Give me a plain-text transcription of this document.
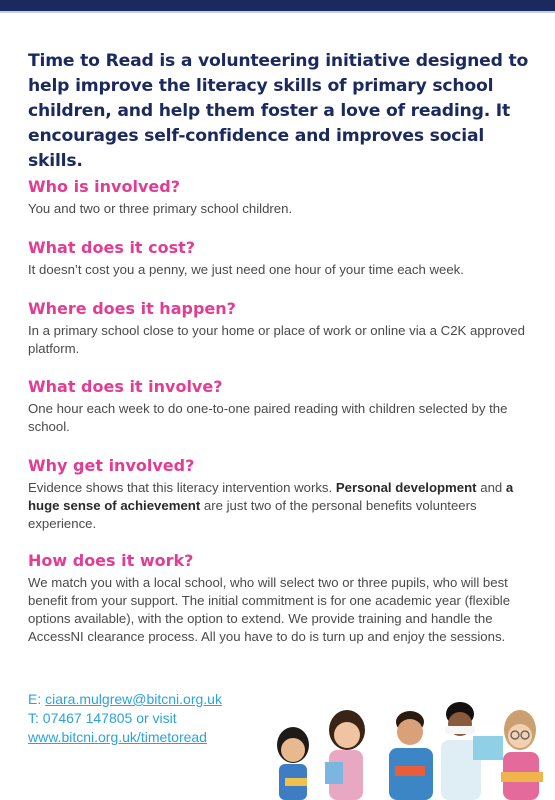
Time to Read is a volunteering initiative designed to help improve the literacy skills of primary school children, and help them foster a love of reading. It encourages self-confidence and improves social skills.

Who is involved?

You and two or three primary school children.

What does it cost?

It doesn’t cost you a penny, we just need one hour of your time each week.

Where does it happen?

In a primary school close to your home or place of work or online via a C2K approved platform.

What does it involve?

One hour each week to do one-to-one paired reading with children selected by the school.

Why get involved?

Evidence shows that this literacy intervention works. Personal development and a huge sense of achievement are just two of the personal benefits volunteers experience.

How does it work?

We match you with a local school, who will select two or three pupils, who will best benefit from your support. The initial commitment is for one academic year (flexible options available), with the option to extend. We provide training and handle the AccessNI clearance process. All you have to do is turn up and enjoy the sessions.

E: ciara.mulgrew@bitcni.org.uk
T: 07467 147805 or visit
www.bitcni.org.uk/timetoread
